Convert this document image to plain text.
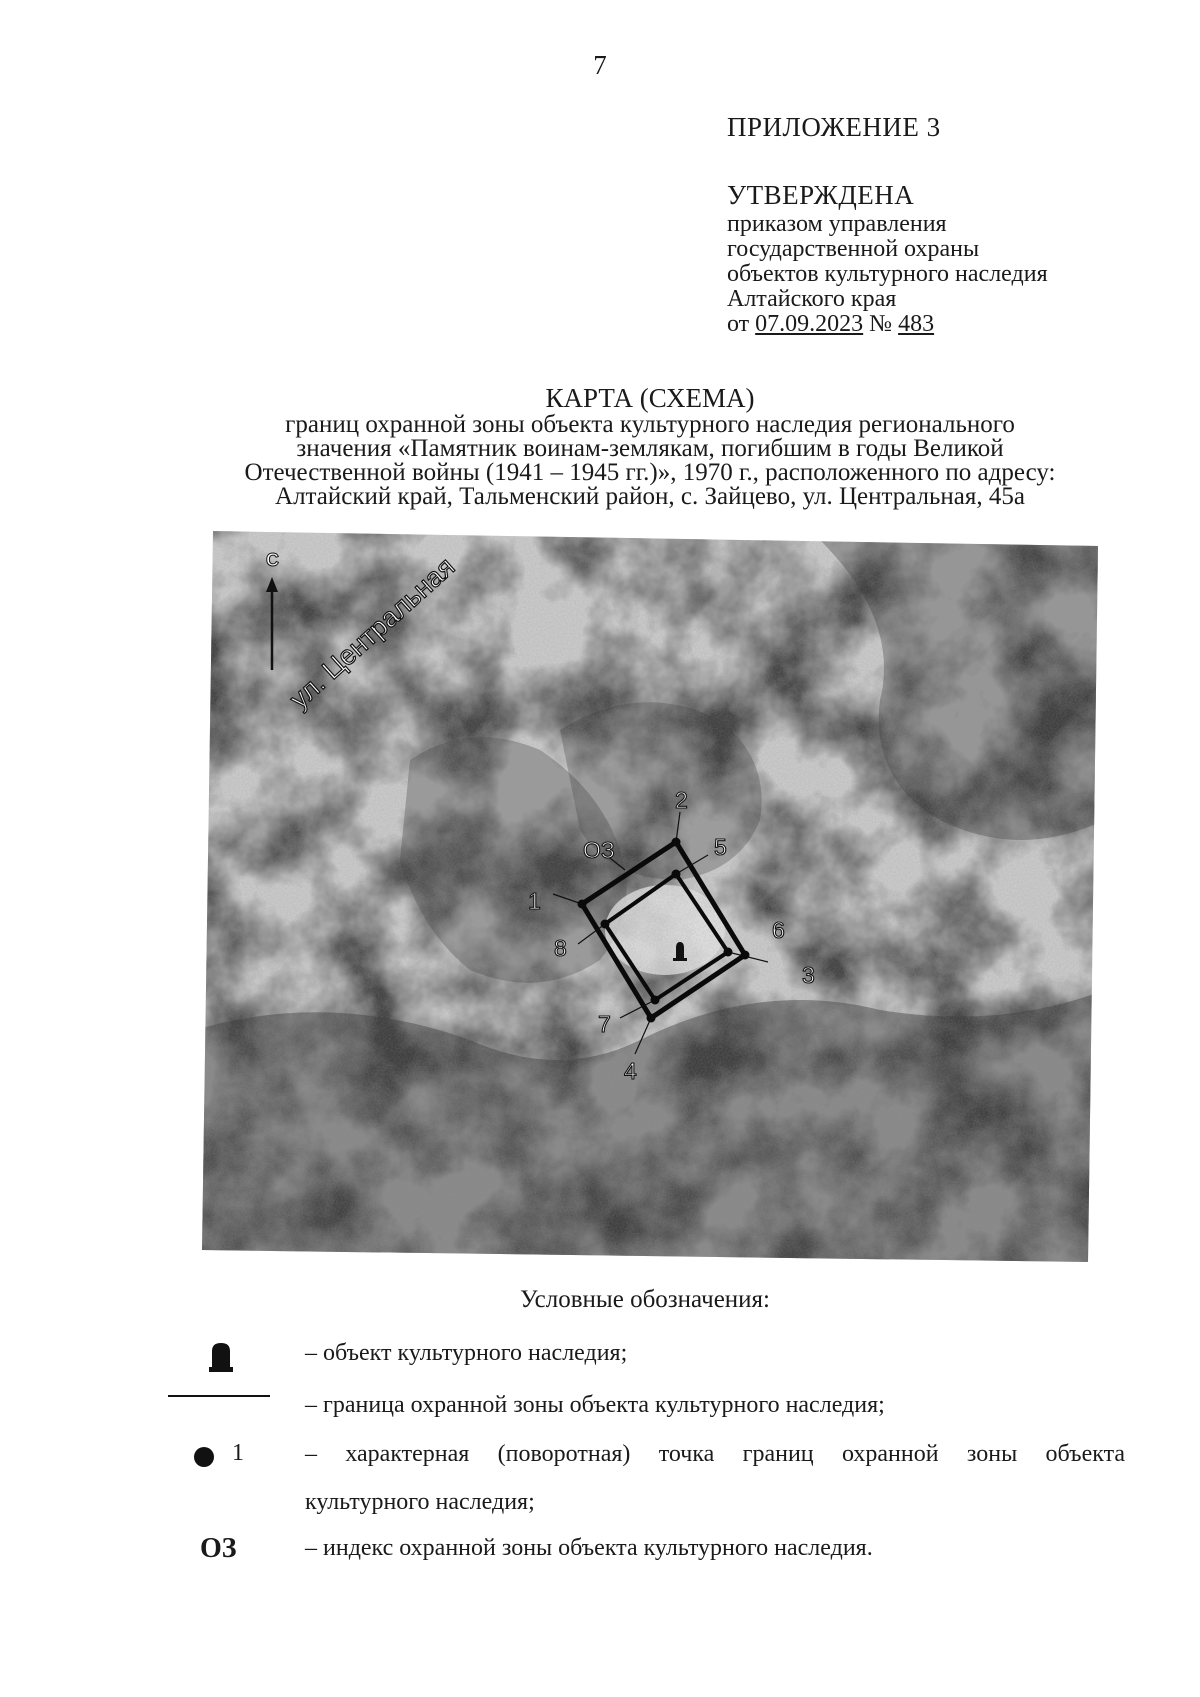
7
ПРИЛОЖЕНИЕ 3
УТВЕРЖДЕНА
приказом управления
государственной охраны
объектов культурного наследия
Алтайского края
от 07.09.2023 № 483
КАРТА (СХЕМА)
границ охранной зоны объекта культурного наследия регионального
значения «Памятник воинам-землякам, погибшим в годы Великой
Отечественной войны (1941 – 1945 гг.)», 1970 г., расположенного по адресу:
Алтайский край, Тальменский район, с. Зайцево, ул. Центральная, 45а
С ул. Центральная
1
2
3
4
5
6
7
8
ОЗ
Условные обозначения:
– объект культурного наследия;
– граница охранной зоны объекта культурного наследия;
1	– характерная (поворотная) точка границ охранной зоны объекта
культурного наследия;
ОЗ	– индекс охранной зоны объекта культурного наследия.
